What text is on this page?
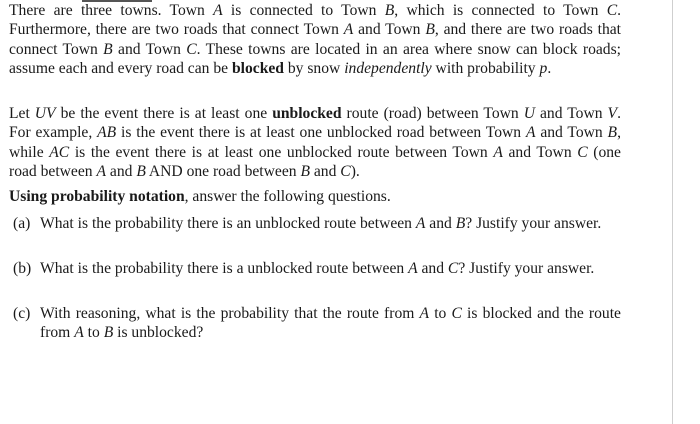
There are three towns. Town A is connected to Town B, which is connected to Town C. Furthermore, there are two roads that connect Town A and Town B, and there are two roads that connect Town B and Town C. These towns are located in an area where snow can block roads; assume each and every road can be blocked by snow independently with probability p.

Let UV be the event there is at least one unblocked route (road) between Town U and Town V. For example, AB is the event there is at least one unblocked road between Town A and Town B, while AC is the event there is at least one unblocked route between Town A and Town C (one road between A and B AND one road between B and C).

Using probability notation, answer the following questions.

(a) What is the probability there is an unblocked route between A and B? Justify your answer.
(b) What is the probability there is a unblocked route between A and C? Justify your answer.
(c) With reasoning, what is the probability that the route from A to C is blocked and the route from A to B is unblocked?
